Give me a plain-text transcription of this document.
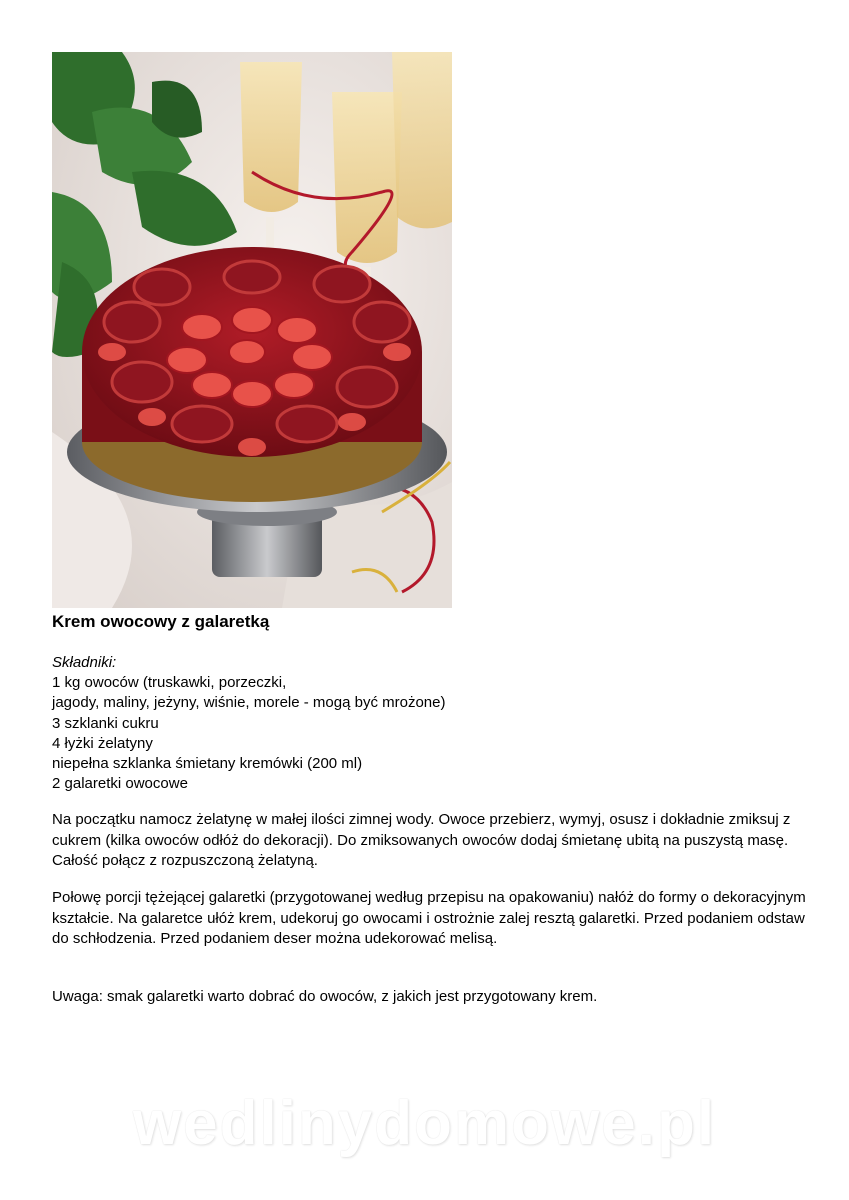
Krem owocowy z galaretką
Składniki:
1 kg owoców (truskawki, porzeczki,
jagody, maliny, jeżyny, wiśnie, morele - mogą być mrożone)
3 szklanki cukru
4 łyżki żelatyny
niepełna szklanka śmietany kremówki (200 ml)
2 galaretki owocowe

Na początku namocz żelatynę w małej ilości zimnej wody. Owoce przebierz, wymyj, osusz i dokładnie zmiksuj z cukrem (kilka owoców odłóż do dekoracji). Do zmiksowanych owoców dodaj śmietanę ubitą na puszystą masę. Całość połącz z rozpuszczoną żelatyną.

Połowę porcji tężejącej galaretki (przygotowanej według przepisu na opakowaniu) nałóż do formy o dekoracyjnym kształcie. Na galaretce ułóż krem, udekoruj go owocami i ostrożnie zalej resztą galaretki. Przed podaniem odstaw do schłodzenia. Przed podaniem deser można udekorować melisą.

Uwaga: smak galaretki warto dobrać do owoców, z jakich jest przygotowany krem.

wedlinydomowe.pl
